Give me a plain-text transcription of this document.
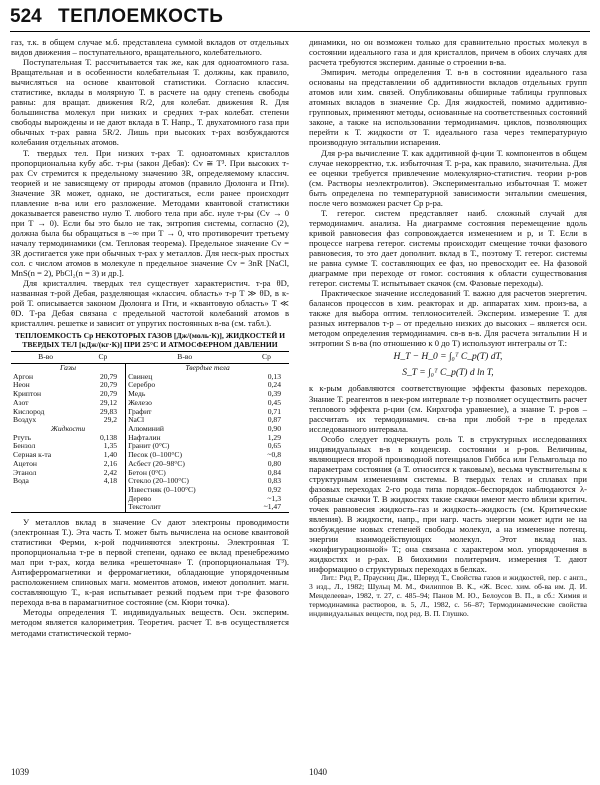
524 ТЕПЛОЕМКОСТЬ

газ, т.к. в общем случае м.б. представлена суммой вкладов от отдельных видов движения – поступательного, вращательного, колебательного.

Поступательная Т. рассчитывается так же, как для одноатомного газа. Вращательная и в особенности колебательная Т. должны, как правило, вычисляться на основе квантовой статистики. Согласно классич. статистике, вклады в молярную Т. в расчете на одну степень свободы равны: для вращат. движения R/2, для колебат. движения R. Для большинства молекул при низких и средних т-рах колебат. степени свободы вырождены и не дают вклада в T. Напр., Т. двухатомного газа при обычных т-рах равна 5R/2. Лишь при высоких т-рах возбуждаются колебания отдельных атомов.

Т. твердых тел. При низких т-рах Т. одноатомных кристаллов пропорциональна кубу абс. т-ры (закон Дебая): Cv ≅ T³. При высоких т-рах Cv стремится к предельному значению 3R, определяемому классич. теорией и не зависящему от природы атомов (правило Дюлонга и Пти). Значение 3R может, однако, не достигаться, если ранее происходит плавление в-ва или его разложение. Методами квантовой статистики доказывается равенство нулю Т. любого тела при абс. нуле т-ры (Cv → 0 при T → 0). Если бы это было не так, энтропия системы, согласно (2), должна была бы обращаться в −∞ при T → 0, что противоречит третьему началу термодинамики (см. Тепловая теорема). Предельное значение Cv = 3R достигается уже при обычных т-рах у металлов. Для неск-рых простых сол. с числом атомов в молекуле n предельное значение Cv = 3nR [NaCl, MnS(n = 2), PbCl₂(n = 3) и др.].

Для кристаллич. твердых тел существует характеристич. т-ра θD, названная т-рой Дебая, разделяющая «классич. область» т-р T ≫ θD, в к-рой Т. описывается законом Дюлонга и Пти, и «квантовую область» T ≪ θD. Т-ра Дебая связана с предельной частотой колебаний атомов в кристаллич. решетке и зависит от упругих постоянных в-ва (см. табл.).

ТЕПЛОЕМКОСТЬ Cp НЕКОТОРЫХ ГАЗОВ [Дж/(моль·К)], ЖИДКОСТЕЙ И ТВЕРДЫХ ТЕЛ [кДж/(кг·К)] ПРИ 25°C И АТМОСФЕРНОМ ДАВЛЕНИИ
В-во	Cp	В-во	Cp
Газы		Твердые тела	
Аргон	20,79	Свинец	0,13
Неон	20,79	Серебро	0,24
Криптон	20,79	Медь	0,39
Азот	29,12	Железо	0,45
Кислород	29,83	Графит	0,71
Воздух	29,2	NaCl	0,87
Жидкости		Алюминий	0,90
Ртуть	0,138	Нафталин	1,29
Бензол	1,35	Гранит (0°C)	0,65
Серная к-та	1,40	Песок (0–100°C)	~0,8
Ацетон	2,16	Асбест (20–98°C)	0,80
Этанол	2,42	Бетон (0°C)	0,84
Вода	4,18	Стекло (20–100°C)	0,83
		Известняк (0–100°C)	0,92
		Дерево	~1,3
		Текстолит	~1,47

У металлов вклад в значение Cv дают электроны проводимости (электронная Т.). Эта часть Т. может быть вычислена на основе квантовой статистики Ферми, к-рой подчиняются электроны. Электронная Т. пропорциональна т-ре в первой степени, однако ее вклад пренебрежимо мал при т-рах, когда велика «решеточная» Т. (пропорциональная T³). Антиферромагнетики и ферромагнетики, обладающие упорядоченным расположением спиновых магн. моментов атомов, имеют дополнит. магн. составляющую Т., к-рая испытывает резкий подъем при т-ре фазового перехода в-ва в парамагнитное состояние (см. Кюри точка).

Методы определения Т. индивидуальных веществ. Осн. эксперим. методом является калориметрия. Теоретич. расчет Т. в-в осуществляется методами статистической термо-

динамики, но он возможен только для сравнительно простых молекул в состоянии идеального газа и для кристаллов, причем в обоих случаях для расчета требуются эксперим. данные о строении в-ва.

Эмпирич. методы определения Т. в-в в состоянии идеального газа основаны на представлении об аддитивности вкладов отдельных групп атомов или хим. связей. Опубликованы обширные таблицы групповых атомных вкладов в значение Cp. Для жидкостей, помимо аддитивно-групповых, применяют методы, основанные на соответственных состояний законе, а также на использовании термодинамич. циклов, позволяющих перейти к Т. жидкости от Т. идеального газа через температурную производную энтальпии испарения.

Для р-ра вычисление Т. как аддитивной ф-ции Т. компонентов в общем случае некорректно, т.к. избыточная Т. р-ра, как правило, значительна. Для ее оценки требуется привлечение молекулярно-статистич. теории р-ров (см. Растворы неэлектролитов). Экспериментально избыточная Т. может быть определена по температурной зависимости энтальпии смешения, после чего возможен расчет Cp р-ра.

Т. гетерог. систем представляет наиб. сложный случай для термодинамич. анализа. На диаграмме состояния перемещение вдоль кривой равновесия фаз сопровождается изменением и p, и T. Если в процессе нагрева гетерог. системы происходит смещение точки фазового равновесия, то это дает дополнит. вклад в Т., поэтому Т. гетерог. системы не равна сумме Т. составляющих ее фаз, но превосходит ее. На фазовой диаграмме при переходе от гомог. состояния к области существования гетерог. системы Т. испытывает скачок (см. Фазовые переходы).

Практическое значение исследований Т. важно для расчетов энергетич. балансов процессов в хим. реакторах и др. аппаратах хим. произ-ва, а также для выбора оптим. теплоносителей. Эксперим. измерение Т. для разных интервалов т-р – от предельно низких до высоких – является осн. методом определения термодинамич. св-в в-в. Для расчета энтальпии H и энтропии S в-ва (по отношению к 0 до T) используют интегралы от Т.:

H_T − H_0 = ∫₀ᵀ C_p(T) dT,
S_T = ∫₀ᵀ C_p(T) d ln T,

к к-рым добавляются соответствующие эффекты фазовых переходов. Знание Т. реагентов в нек-ром интервале т-р позволяет осуществить расчет теплового эффекта р-ции (см. Кирхгофа уравнение), а знание Т. р-ров – рассчитать их термодинамич. св-ва при любой т-ре в пределах исследованного интервала.

Особо следует подчеркнуть роль Т. в структурных исследованиях индивидуальных в-в в конденсир. состоянии и р-ров. Величины, являющиеся второй производной потенциалов Гиббса или Гельмгольца по параметрам состояния (а Т. относится к таковым), весьма чувствительны к структурным изменениям системы. В твердых телах и сплавах при фазовых переходах 2-го рода типа порядок–беспорядок наблюдаются λ-образные скачки Т. В жидкостях такие скачки имеют место вблизи критич. точек равновесия жидкость–газ и жидкость–жидкость (см. Критические явления). В жидкости, напр., при нагр. часть энергии может идти не на возбуждение новых степеней свободы молекул, а на изменение потенц. энергии взаимодействующих молекул. Этот вклад наз. «конфигурационной» Т.; она связана с характером мол. упорядочения в жидкостях и р-рах. В биохимии политермич. измерения Т. дают информацию о структурных переходах в белках.

Лит.: Рид Р., Праусниц Дж., Шервуд Т., Свойства газов и жидкостей, пер. с англ., 3 изд., Л., 1982; Шульц М. М., Филиппов В. К., «Ж. Всес. хим. об-ва им. Д. И. Менделеева», 1982, т. 27, с. 485–94; Панов М. Ю., Белоусов В. П., в сб.: Химия и термодинамика растворов, в. 5, Л., 1982, с. 56–87; Термодинамические свойства индивидуальных веществ, под ред. В. П. Глушко.

1039	1040
